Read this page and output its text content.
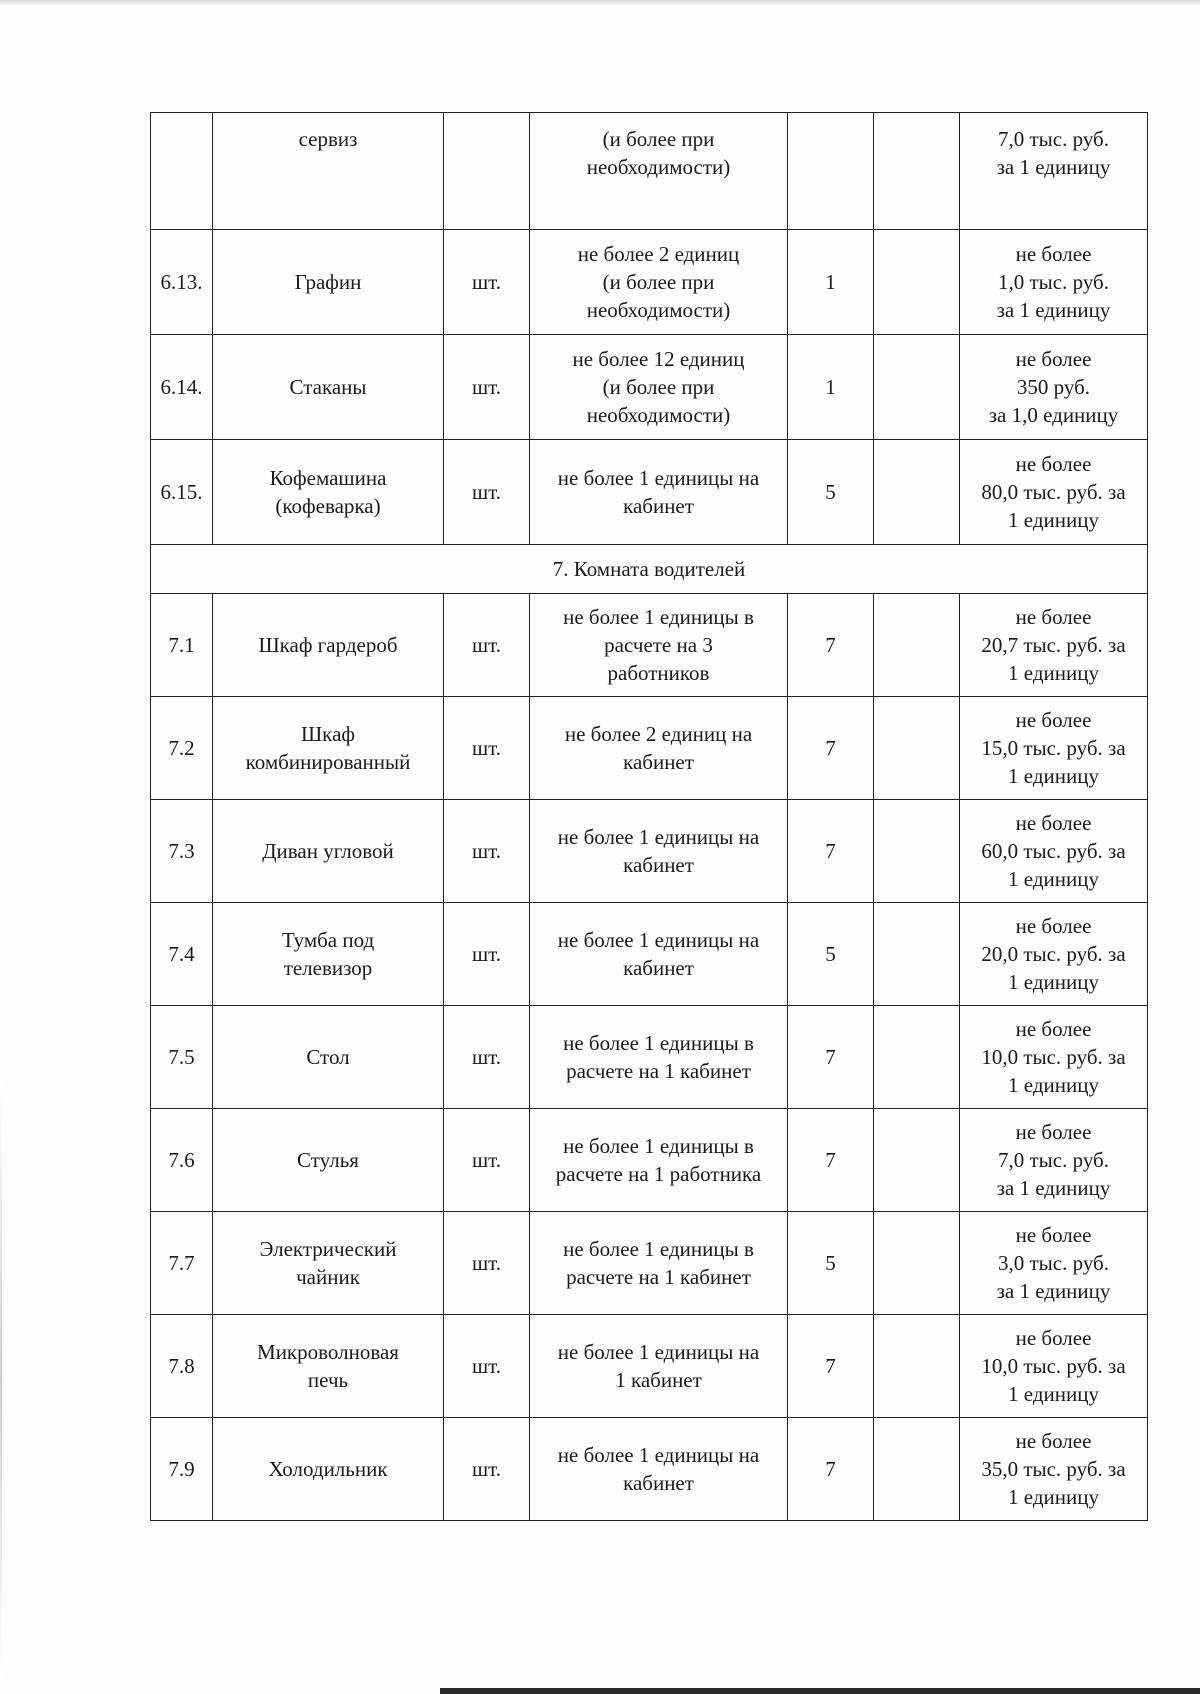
	сервиз		(и более при
необходимости)			7,0 тыс. руб.
за 1 единицу
6.13.	Графин	шт.	не более 2 единиц
(и более при
необходимости)	1		не более
1,0 тыс. руб.
за 1 единицу
6.14.	Стаканы	шт.	не более 12 единиц
(и более при
необходимости)	1		не более
350 руб.
за 1,0 единицу
6.15.	Кофемашина
(кофеварка)	шт.	не более 1 единицы на
кабинет	5		не более
80,0 тыс. руб. за
1 единицу
7. Комната водителей						
7.1	Шкаф гардероб	шт.	не более 1 единицы в
расчете на 3
работников	7		не более
20,7 тыс. руб. за
1 единицу
7.2	Шкаф
комбинированный	шт.	не более 2 единиц на
кабинет	7		не более
15,0 тыс. руб. за
1 единицу
7.3	Диван угловой	шт.	не более 1 единицы на
кабинет	7		не более
60,0 тыс. руб. за
1 единицу
7.4	Тумба под
телевизор	шт.	не более 1 единицы на
кабинет	5		не более
20,0 тыс. руб. за
1 единицу
7.5	Стол	шт.	не более 1 единицы в
расчете на 1 кабинет	7		не более
10,0 тыс. руб. за
1 единицу
7.6	Стулья	шт.	не более 1 единицы в
расчете на 1 работника	7		не более
7,0 тыс. руб.
за 1 единицу
7.7	Электрический
чайник	шт.	не более 1 единицы в
расчете на 1 кабинет	5		не более
3,0 тыс. руб.
за 1 единицу
7.8	Микроволновая
печь	шт.	не более 1 единицы на
1 кабинет	7		не более
10,0 тыс. руб. за
1 единицу
7.9	Холодильник	шт.	не более 1 единицы на
кабинет	7		не более
35,0 тыс. руб. за
1 единицу
